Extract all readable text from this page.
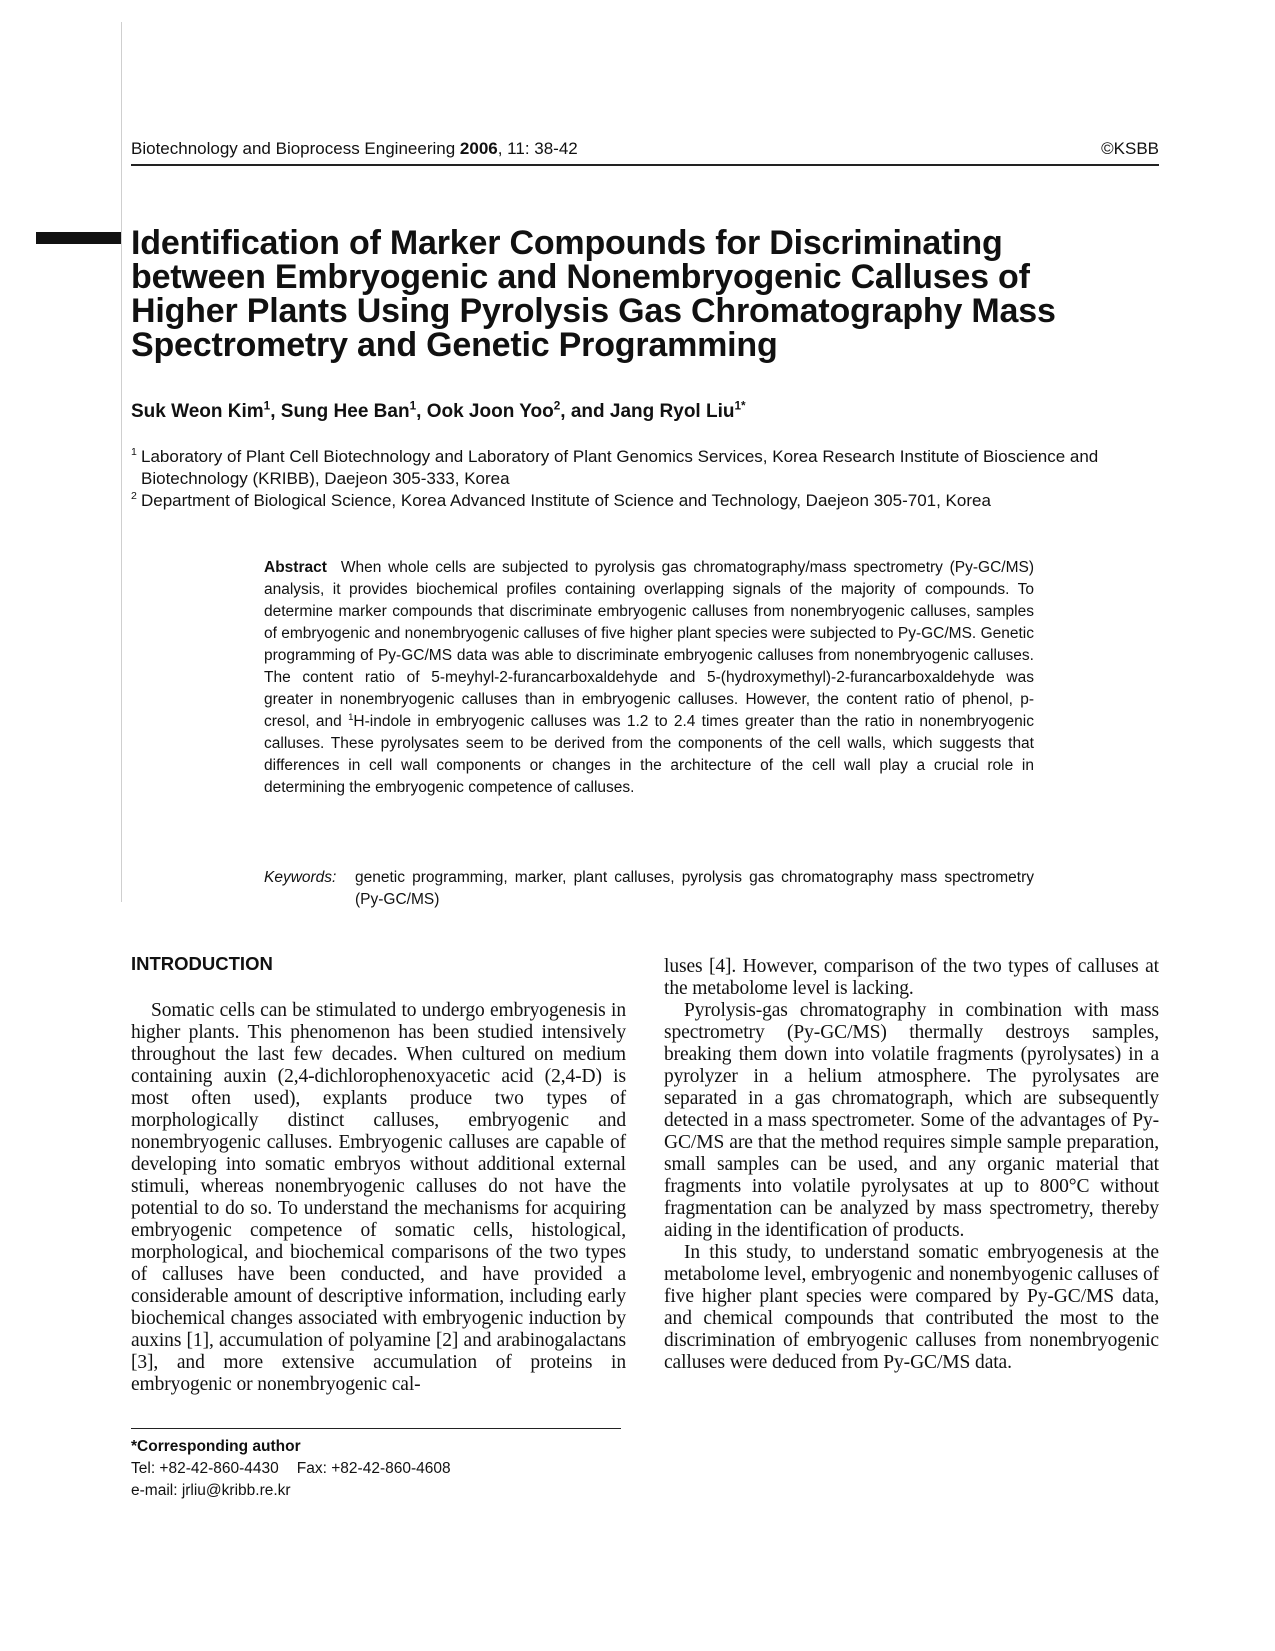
Biotechnology and Bioprocess Engineering 2006, 11: 38-42	©KSBB
Identification of Marker Compounds for Discriminating between Embryogenic and Nonembryogenic Calluses of Higher Plants Using Pyrolysis Gas Chromatography Mass Spectrometry and Genetic Programming
Suk Weon Kim$^1$, Sung Hee Ban$^1$, Ook Joon Yoo$^2$, and Jang Ryol Liu$^{1*}$
1 Laboratory of Plant Cell Biotechnology and Laboratory of Plant Genomics Services, Korea Research Institute of Bioscience and Biotechnology (KRIBB), Daejeon 305-333, Korea
2 Department of Biological Science, Korea Advanced Institute of Science and Technology, Daejeon 305-701, Korea
Abstract When whole cells are subjected to pyrolysis gas chromatography/mass spectrometry (Py-GC/MS) analysis, it provides biochemical profiles containing overlapping signals of the majority of compounds. To determine marker compounds that discriminate embryogenic calluses from nonembryogenic calluses, samples of embryogenic and nonembryogenic calluses of five higher plant species were subjected to Py-GC/MS. Genetic programming of Py-GC/MS data was able to discriminate embryogenic calluses from nonembryogenic calluses. The content ratio of 5-meyhyl-2-furancarboxaldehyde and 5-(hydroxymethyl)-2-furancarboxaldehyde was greater in nonembryogenic calluses than in embryogenic calluses. However, the content ratio of phenol, p-cresol, and $^1$H-indole in embryogenic calluses was 1.2 to 2.4 times greater than the ratio in nonembryogenic calluses. These pyrolysates seem to be derived from the components of the cell walls, which suggests that differences in cell wall components or changes in the architecture of the cell wall play a crucial role in determining the embryogenic competence of calluses.
Keywords: genetic programming, marker, plant calluses, pyrolysis gas chromatography mass spectrometry (Py-GC/MS)
INTRODUCTION

Somatic cells can be stimulated to undergo embryogenesis in higher plants. This phenomenon has been studied intensively throughout the last few decades. When cultured on medium containing auxin (2,4-dichlorophenoxyacetic acid (2,4-D) is most often used), explants produce two types of morphologically distinct calluses, embryogenic and nonembryogenic calluses. Embryogenic calluses are capable of developing into somatic embryos without additional external stimuli, whereas nonembryogenic calluses do not have the potential to do so. To understand the mechanisms for acquiring embryogenic competence of somatic cells, histological, morphological, and biochemical comparisons of the two types of calluses have been conducted, and have provided a considerable amount of descriptive information, including early biochemical changes associated with embryogenic induction by auxins [1], accumulation of polyamine [2] and arabinogalactans [3], and more extensive accumulation of proteins in embryogenic or nonembryogenic cal-

luses [4]. However, comparison of the two types of calluses at the metabolome level is lacking.

Pyrolysis-gas chromatography in combination with mass spectrometry (Py-GC/MS) thermally destroys samples, breaking them down into volatile fragments (pyrolysates) in a pyrolyzer in a helium atmosphere. The pyrolysates are separated in a gas chromatograph, which are subsequently detected in a mass spectrometer. Some of the advantages of Py-GC/MS are that the method requires simple sample preparation, small samples can be used, and any organic material that fragments into volatile pyrolysates at up to 800°C without fragmentation can be analyzed by mass spectrometry, thereby aiding in the identification of products.

In this study, to understand somatic embryogenesis at the metabolome level, embryogenic and nonembyogenic calluses of five higher plant species were compared by Py-GC/MS data, and chemical compounds that contributed the most to the discrimination of embryogenic calluses from nonembryogenic calluses were deduced from Py-GC/MS data.

*Corresponding author
Tel: +82-42-860-4430 Fax: +82-42-860-4608
e-mail: jrliu@kribb.re.kr
